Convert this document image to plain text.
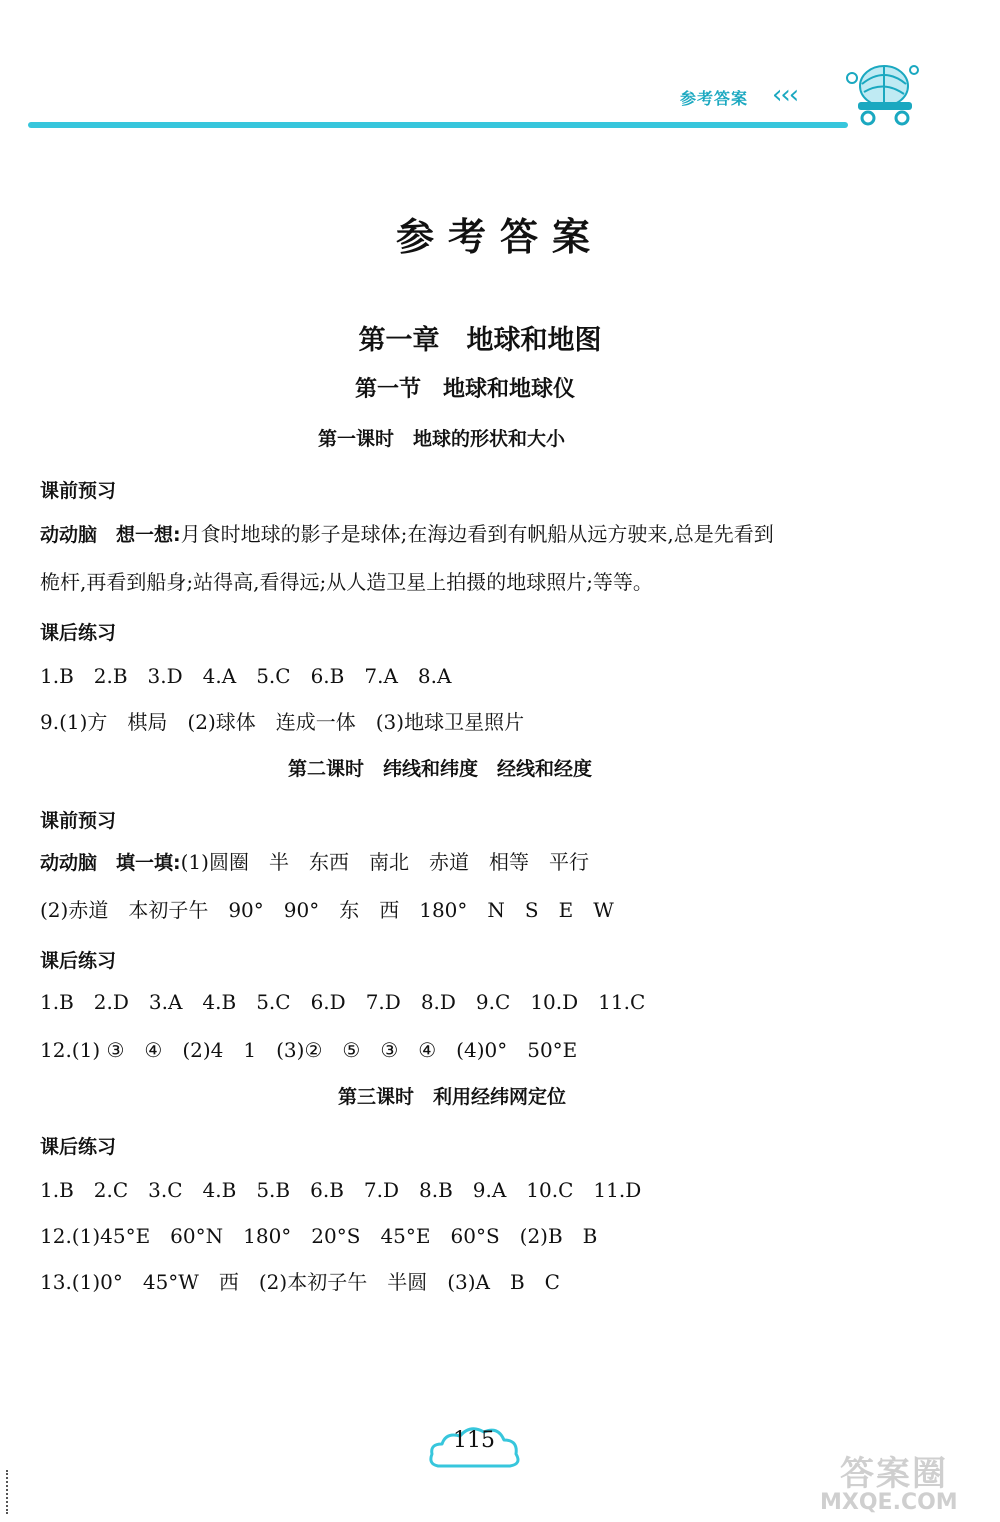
参考答案 ‹‹‹
参考答案
第一章　地球和地图
第一节　地球和地球仪
第一课时　地球的形状和大小
课前预习
动动脑　想一想:月食时地球的影子是球体;在海边看到有帆船从远方驶来,总是先看到
桅杆,再看到船身;站得高,看得远;从人造卫星上拍摄的地球照片;等等。
课后练习
1.B　2.B　3.D　4.A　5.C　6.B　7.A　8.A
9.(1)方　棋局　(2)球体　连成一体　(3)地球卫星照片
第二课时　纬线和纬度　经线和经度
课前预习
动动脑　填一填:(1)圆圈　半　东西　南北　赤道　相等　平行
(2)赤道　本初子午　90°　90°　东　西　180°　N　S　E　W
课后练习
1.B　2.D　3.A　4.B　5.C　6.D　7.D　8.D　9.C　10.D　11.C
12.(1) ③　④　(2)4　1　(3)②　⑤　③　④　(4)0°　50°E
第三课时　利用经纬网定位
课后练习
1.B　2.C　3.C　4.B　5.B　6.B　7.D　8.B　9.A　10.C　11.D
12.(1)45°E　60°N　180°　20°S　45°E　60°S　(2)B　B
13.(1)0°　45°W　西　(2)本初子午　半圆　(3)A　B　C
115
答案圈
MXQE.COM
